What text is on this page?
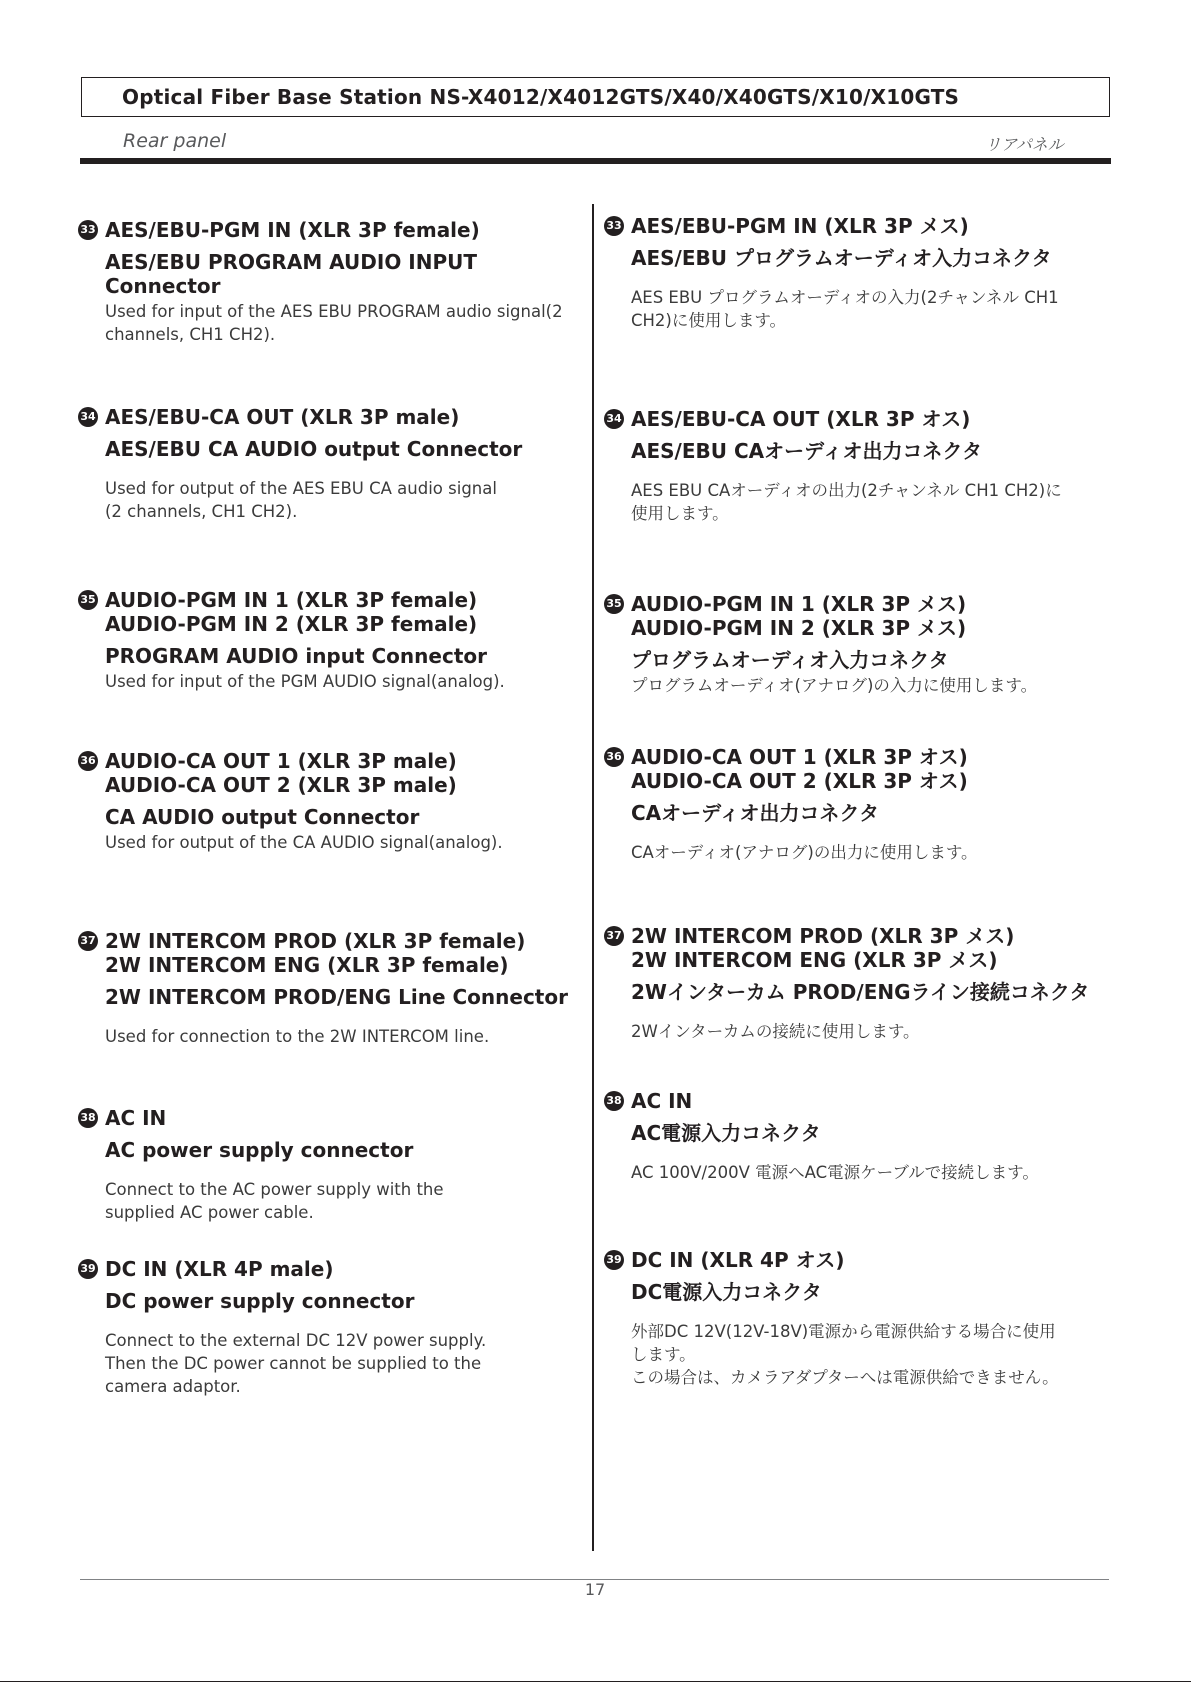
Optical Fiber Base Station NS-X4012/X4012GTS/X40/X40GTS/X10/X10GTS
Rear panel	リアパネル
33 AES/EBU-PGM IN (XLR 3P female)
AES/EBU PROGRAM AUDIO INPUT Connector
Used for input of the AES EBU PROGRAM audio signal(2 channels, CH1 CH2).
34 AES/EBU-CA OUT (XLR 3P male)
AES/EBU CA AUDIO output Connector
Used for output of the AES EBU CA audio signal
(2 channels, CH1 CH2).
35 AUDIO-PGM IN 1 (XLR 3P female)
AUDIO-PGM IN 2 (XLR 3P female)
PROGRAM AUDIO input Connector
Used for input of the PGM AUDIO signal(analog).
36 AUDIO-CA OUT 1 (XLR 3P male)
AUDIO-CA OUT 2 (XLR 3P male)
CA AUDIO output Connector
Used for output of the CA AUDIO signal(analog).
37 2W INTERCOM PROD (XLR 3P female)
2W INTERCOM ENG (XLR 3P female)
2W INTERCOM PROD/ENG Line Connector
Used for connection to the 2W INTERCOM line.
38 AC IN
AC power supply connector
Connect to the AC power supply with the
supplied AC power cable.
39 DC IN (XLR 4P male)
DC power supply connector
Connect to the external DC 12V power supply.
Then the DC power cannot be supplied to the
camera adaptor.
33 AES/EBU-PGM IN (XLR 3P メス)
AES/EBU プログラムオーディオ入力コネクタ
AES EBU プログラムオーディオの入力(2チャンネル CH1
CH2)に使用します。
34 AES/EBU-CA OUT (XLR 3P オス)
AES/EBU CAオーディオ出力コネクタ
AES EBU CAオーディオの出力(2チャンネル CH1 CH2)に
使用します。
35 AUDIO-PGM IN 1 (XLR 3P メス)
AUDIO-PGM IN 2 (XLR 3P メス)
プログラムオーディオ入力コネクタ
プログラムオーディオ(アナログ)の入力に使用します。
36 AUDIO-CA OUT 1 (XLR 3P オス)
AUDIO-CA OUT 2 (XLR 3P オス)
CAオーディオ出力コネクタ
CAオーディオ(アナログ)の出力に使用します。
37 2W INTERCOM PROD (XLR 3P メス)
2W INTERCOM ENG (XLR 3P メス)
2Wインターカム PROD/ENGライン接続コネクタ
2Wインターカムの接続に使用します。
38 AC IN
AC電源入力コネクタ
AC 100V/200V 電源へAC電源ケーブルで接続します。
39 DC IN (XLR 4P オス)
DC電源入力コネクタ
外部DC 12V(12V-18V)電源から電源供給する場合に使用
します。
この場合は、カメラアダプターへは電源供給できません。
17
